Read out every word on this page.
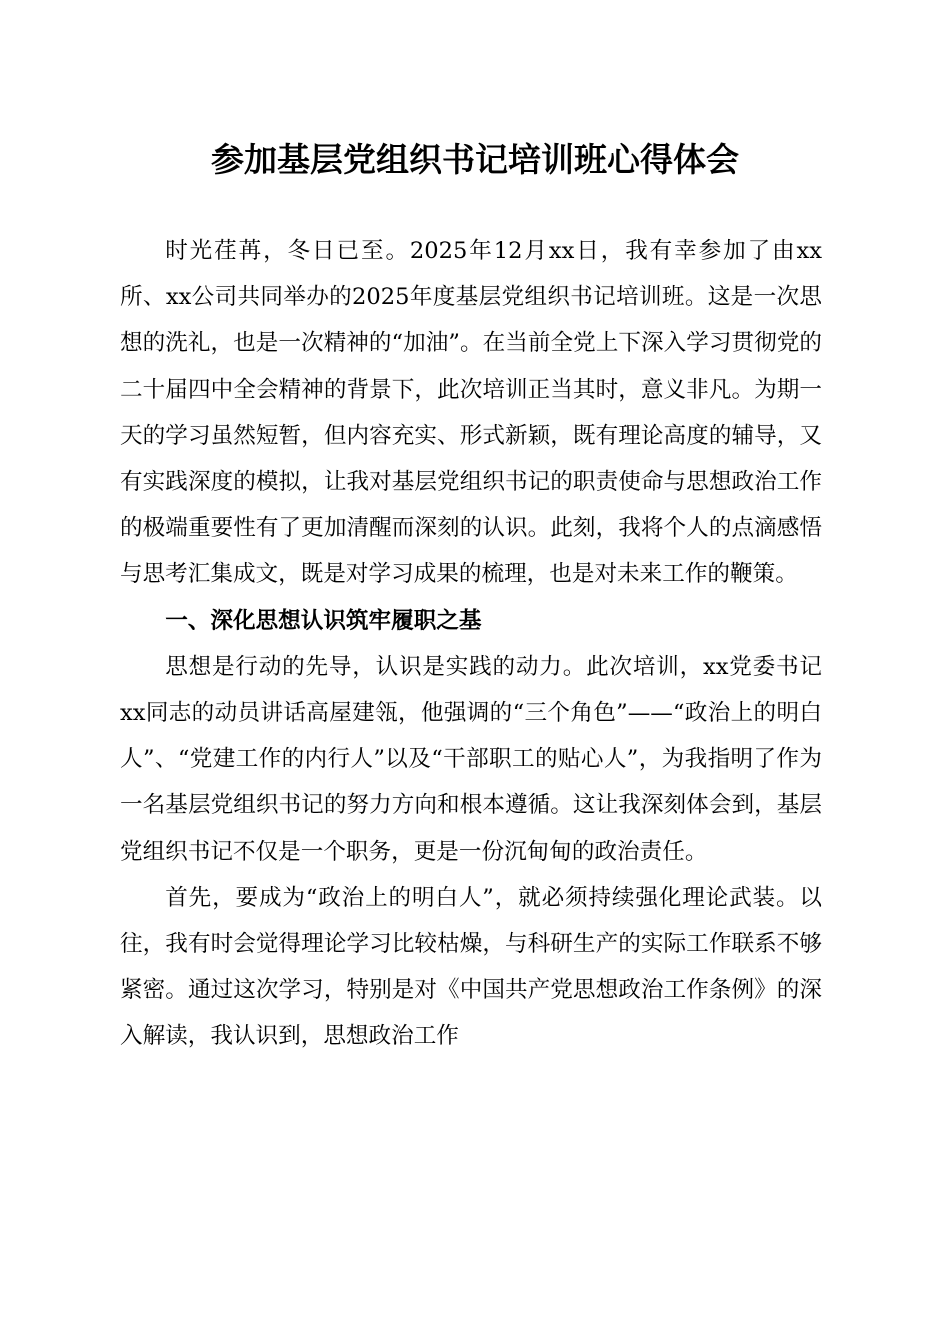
参加基层党组织书记培训班心得体会

时光荏苒，冬日已至。2025年12月xx日，我有幸参加了由xx所、xx公司共同举办的2025年度基层党组织书记培训班。这是一次思想的洗礼，也是一次精神的“加油”。在当前全党上下深入学习贯彻党的二十届四中全会精神的背景下，此次培训正当其时，意义非凡。为期一天的学习虽然短暂，但内容充实、形式新颖，既有理论高度的辅导，又有实践深度的模拟，让我对基层党组织书记的职责使命与思想政治工作的极端重要性有了更加清醒而深刻的认识。此刻，我将个人的点滴感悟与思考汇集成文，既是对学习成果的梳理，也是对未来工作的鞭策。

一、深化思想认识筑牢履职之基

思想是行动的先导，认识是实践的动力。此次培训，xx党委书记xx同志的动员讲话高屋建瓴，他强调的“三个角色”——“政治上的明白人”、“党建工作的内行人”以及“干部职工的贴心人”，为我指明了作为一名基层党组织书记的努力方向和根本遵循。这让我深刻体会到，基层党组织书记不仅是一个职务，更是一份沉甸甸的政治责任。

首先，要成为“政治上的明白人”，就必须持续强化理论武装。以往，我有时会觉得理论学习比较枯燥，与科研生产的实际工作联系不够紧密。通过这次学习，特别是对《中国共产党思想政治工作条例》的深入解读，我认识到，思想政治工作
